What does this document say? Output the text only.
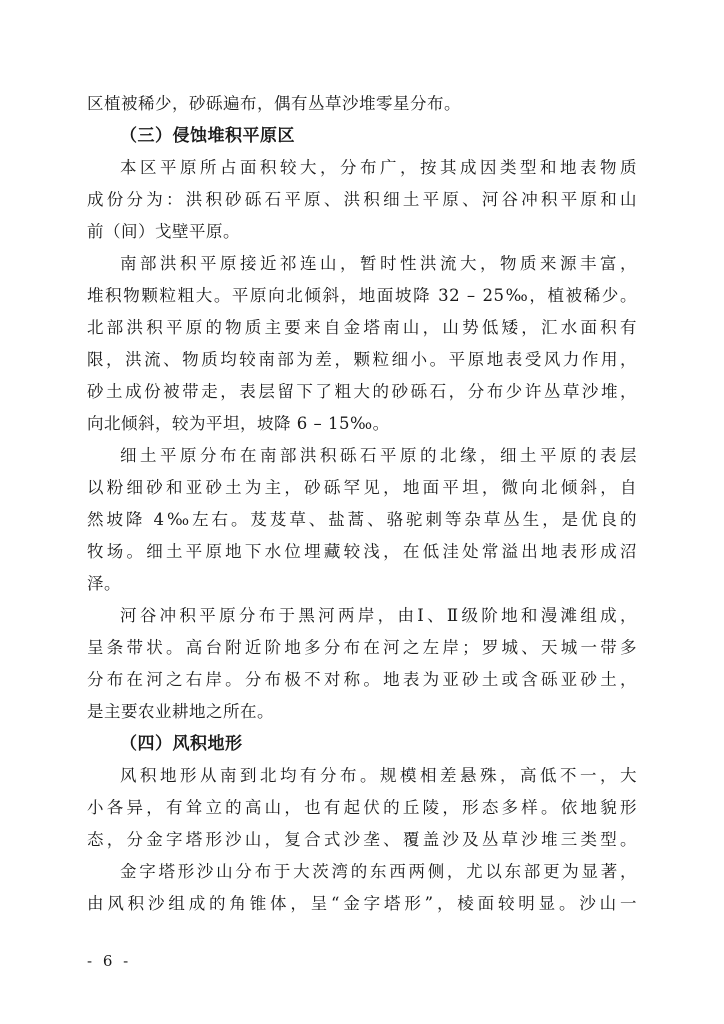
区植被稀少，砂砾遍布，偶有丛草沙堆零星分布。
（三）侵蚀堆积平原区
本区平原所占面积较大，分布广，按其成因类型和地表物质
成份分为：洪积砂砾石平原、洪积细土平原、河谷冲积平原和山
前（间）戈壁平原。
南部洪积平原接近祁连山，暂时性洪流大，物质来源丰富，
堆积物颗粒粗大。平原向北倾斜，地面坡降 32 – 25‰，植被稀少。
北部洪积平原的物质主要来自金塔南山，山势低矮，汇水面积有
限，洪流、物质均较南部为差，颗粒细小。平原地表受风力作用，
砂土成份被带走，表层留下了粗大的砂砾石，分布少许丛草沙堆，
向北倾斜，较为平坦，坡降 6 – 15‰。
细土平原分布在南部洪积砾石平原的北缘，细土平原的表层
以粉细砂和亚砂土为主，砂砾罕见，地面平坦，微向北倾斜，自
然坡降 4‰左右。芨芨草、盐蒿、骆驼刺等杂草丛生，是优良的
牧场。细土平原地下水位埋藏较浅，在低洼处常溢出地表形成沼
泽。
河谷冲积平原分布于黑河两岸，由Ⅰ、Ⅱ级阶地和漫滩组成，
呈条带状。高台附近阶地多分布在河之左岸；罗城、天城一带多
分布在河之右岸。分布极不对称。地表为亚砂土或含砾亚砂土，
是主要农业耕地之所在。
（四）风积地形
风积地形从南到北均有分布。规模相差悬殊，高低不一，大
小各异，有耸立的高山，也有起伏的丘陵，形态多样。依地貌形
态，分金字塔形沙山，复合式沙垄、覆盖沙及丛草沙堆三类型。
金字塔形沙山分布于大茨湾的东西两侧，尤以东部更为显著，
由风积沙组成的角锥体，呈“金字塔形”，棱面较明显。沙山一
- 6 -
